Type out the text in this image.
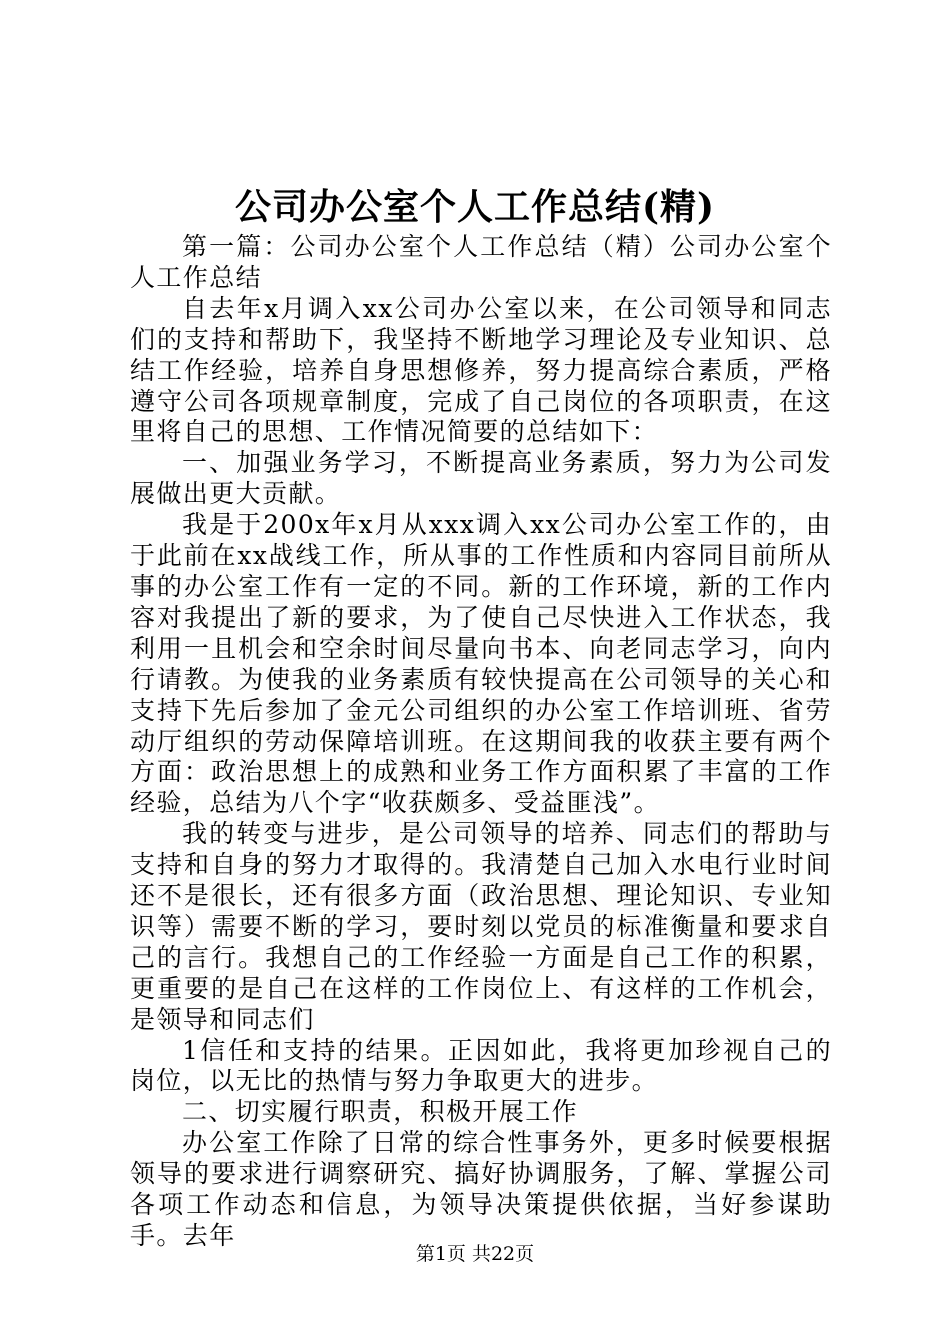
公司办公室个人工作总结(精)

第一篇：公司办公室个人工作总结（精）公司办公室个人工作总结

自去年x月调入xx公司办公室以来，在公司领导和同志们的支持和帮助下，我坚持不断地学习理论及专业知识、总结工作经验，培养自身思想修养，努力提高综合素质，严格遵守公司各项规章制度，完成了自己岗位的各项职责，在这里将自己的思想、工作情况简要的总结如下：

一、加强业务学习，不断提高业务素质，努力为公司发展做出更大贡献。

我是于200x年x月从xxx调入xx公司办公室工作的，由于此前在xx战线工作，所从事的工作性质和内容同目前所从事的办公室工作有一定的不同。新的工作环境，新的工作内容对我提出了新的要求，为了使自己尽快进入工作状态，我利用一且机会和空余时间尽量向书本、向老同志学习，向内行请教。为使我的业务素质有较快提高在公司领导的关心和支持下先后参加了金元公司组织的办公室工作培训班、省劳动厅组织的劳动保障培训班。在这期间我的收获主要有两个方面：政治思想上的成熟和业务工作方面积累了丰富的工作经验，总结为八个字“收获颇多、受益匪浅”。

我的转变与进步，是公司领导的培养、同志们的帮助与支持和自身的努力才取得的。我清楚自己加入水电行业时间还不是很长，还有很多方面（政治思想、理论知识、专业知识等）需要不断的学习，要时刻以党员的标准衡量和要求自己的言行。我想自己的工作经验一方面是自己工作的积累，更重要的是自己在这样的工作岗位上、有这样的工作机会，是领导和同志们

1信任和支持的结果。正因如此，我将更加珍视自己的岗位，以无比的热情与努力争取更大的进步。

二、切实履行职责，积极开展工作

办公室工作除了日常的综合性事务外，更多时候要根据领导的要求进行调察研究、搞好协调服务，了解、掌握公司各项工作动态和信息，为领导决策提供依据，当好参谋助手。去年

第1页 共22页
